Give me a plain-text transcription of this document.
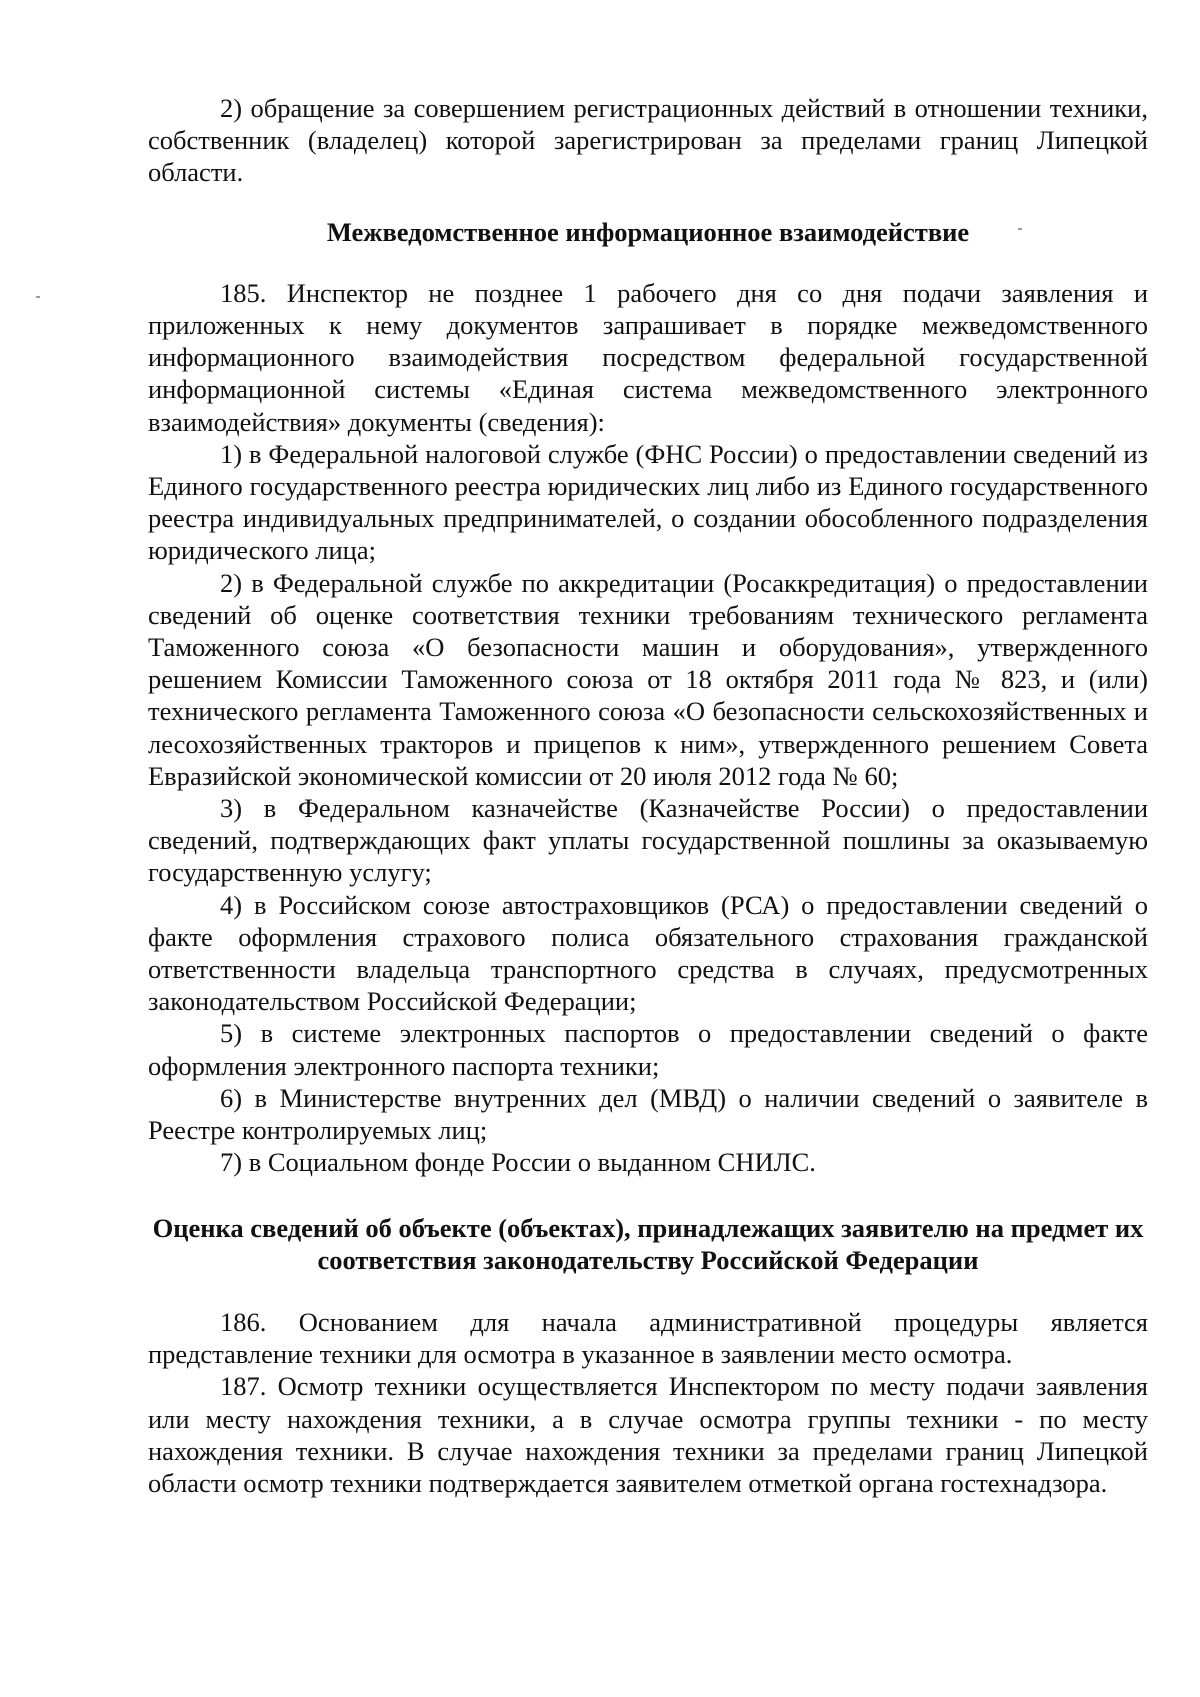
2) обращение за совершением регистрационных действий в отношении техники, собственник (владелец) которой зарегистрирован за пределами границ Липецкой области.

Межведомственное информационное взаимодействие

185. Инспектор не позднее 1 рабочего дня со дня подачи заявления и приложенных к нему документов запрашивает в порядке межведомственного информационного взаимодействия посредством федеральной государственной информационной системы «Единая система межведомственного электронного взаимодействия» документы (сведения):

1) в Федеральной налоговой службе (ФНС России) о предоставлении сведений из Единого государственного реестра юридических лиц либо из Единого государственного реестра индивидуальных предпринимателей, о создании обособленного подразделения юридического лица;

2) в Федеральной службе по аккредитации (Росаккредитация) о предоставлении сведений об оценке соответствия техники требованиям технического регламента Таможенного союза «О безопасности машин и оборудования», утвержденного решением Комиссии Таможенного союза от 18 октября 2011 года № 823, и (или) технического регламента Таможенного союза «О безопасности сельскохозяйственных и лесохозяйственных тракторов и прицепов к ним», утвержденного решением Совета Евразийской экономической комиссии от 20 июля 2012 года № 60;

3) в Федеральном казначействе (Казначействе России) о предоставлении сведений, подтверждающих факт уплаты государственной пошлины за оказываемую государственную услугу;

4) в Российском союзе автостраховщиков (РСА) о предоставлении сведений о факте оформления страхового полиса обязательного страхования гражданской ответственности владельца транспортного средства в случаях, предусмотренных законодательством Российской Федерации;

5) в системе электронных паспортов о предоставлении сведений о факте оформления электронного паспорта техники;

6) в Министерстве внутренних дел (МВД) о наличии сведений о заявителе в Реестре контролируемых лиц;

7) в Социальном фонде России о выданном СНИЛС.

Оценка сведений об объекте (объектах), принадлежащих заявителю на предмет их соответствия законодательству Российской Федерации

186. Основанием для начала административной процедуры является представление техники для осмотра в указанное в заявлении место осмотра.

187. Осмотр техники осуществляется Инспектором по месту подачи заявления или месту нахождения техники, а в случае осмотра группы техники - по месту нахождения техники. В случае нахождения техники за пределами границ Липецкой области осмотр техники подтверждается заявителем отметкой органа гостехнадзора.
